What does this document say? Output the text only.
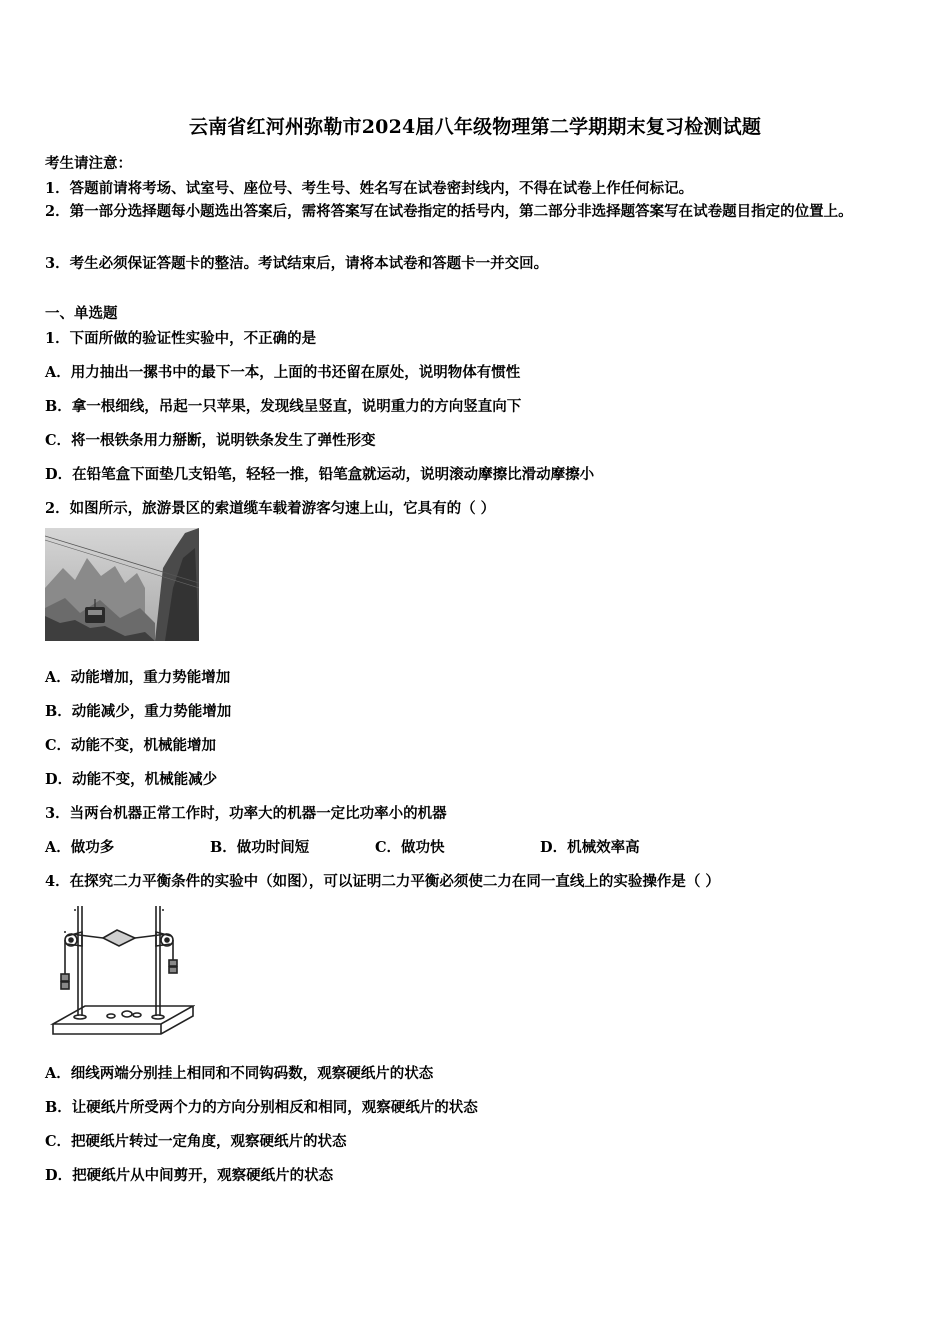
云南省红河州弥勒市2024届八年级物理第二学期期末复习检测试题
考生请注意：
1．答题前请将考场、试室号、座位号、考生号、姓名写在试卷密封线内，不得在试卷上作任何标记。
2．第一部分选择题每小题选出答案后，需将答案写在试卷指定的括号内，第二部分非选择题答案写在试卷题目指定的位置上。
3．考生必须保证答题卡的整洁。考试结束后，请将本试卷和答题卡一并交回。
一、单选题
1．下面所做的验证性实验中，不正确的是
A．用力抽出一摞书中的最下一本，上面的书还留在原处，说明物体有惯性
B．拿一根细线，吊起一只苹果，发现线呈竖直，说明重力的方向竖直向下
C．将一根铁条用力掰断，说明铁条发生了弹性形变
D．在铅笔盒下面垫几支铅笔，轻轻一推，铅笔盒就运动，说明滚动摩擦比滑动摩擦小
2．如图所示，旅游景区的索道缆车载着游客匀速上山，它具有的（ ）
A．动能增加，重力势能增加
B．动能减少，重力势能增加
C．动能不变，机械能增加
D．动能不变，机械能减少
3．当两台机器正常工作时，功率大的机器一定比功率小的机器
A．做功多	B．做功时间短	C．做功快	D．机械效率高
4．在探究二力平衡条件的实验中（如图），可以证明二力平衡必须使二力在同一直线上的实验操作是（ ）
A．细线两端分别挂上相同和不同钩码数，观察硬纸片的状态
B．让硬纸片所受两个力的方向分别相反和相同，观察硬纸片的状态
C．把硬纸片转过一定角度，观察硬纸片的状态
D．把硬纸片从中间剪开，观察硬纸片的状态
